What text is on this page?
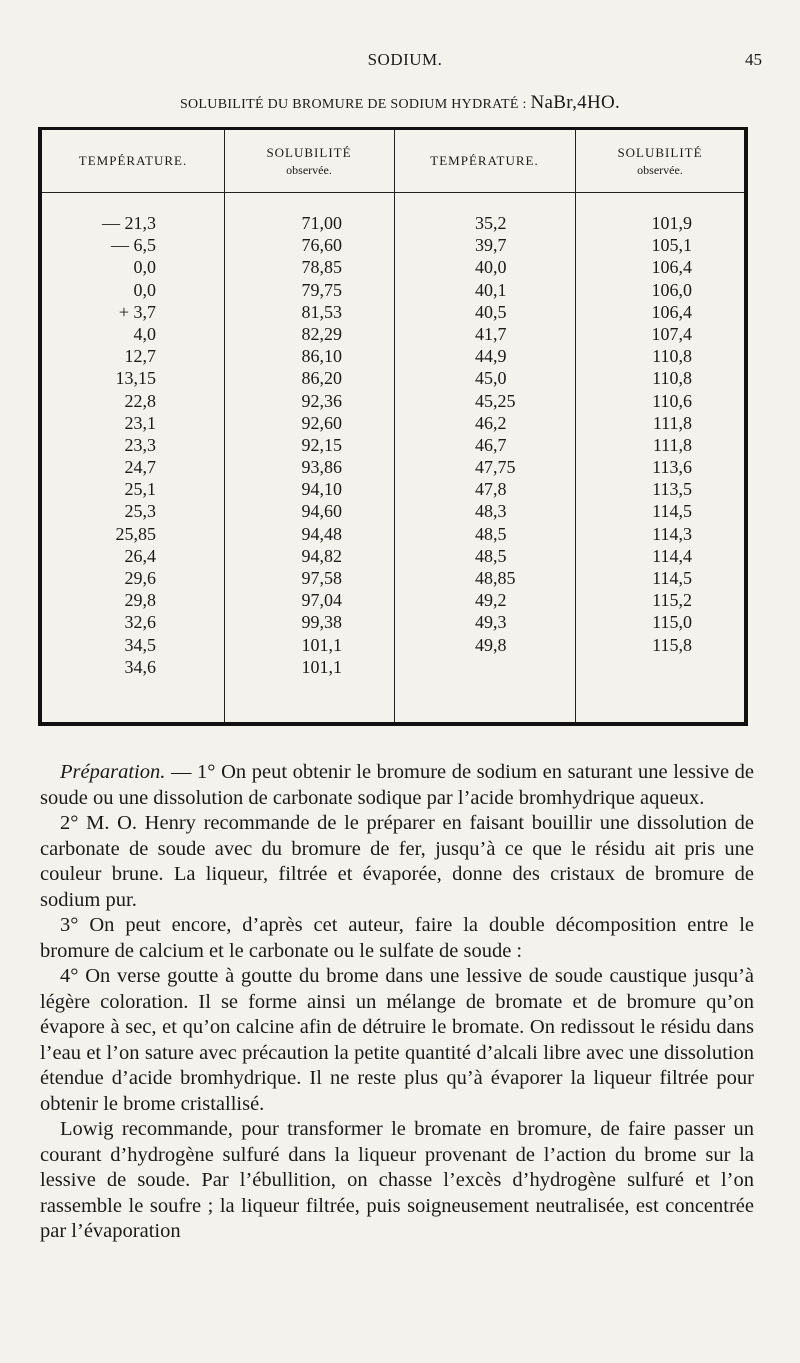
SODIUM.	45
SOLUBILITÉ DU BROMURE DE SODIUM HYDRATÉ : NaBr,4HO.
TEMPÉRATURE.
SOLUBILITÉ
observée.
TEMPÉRATURE.
SOLUBILITÉ
observée.
— 21,3
— 6,5
0,0
0,0
+ 3,7
4,0
12,7
13,15
22,8
23,1
23,3
24,7
25,1
25,3
25,85
26,4
29,6
29,8
32,6
34,5
34,6
71,00
76,60
78,85
79,75
81,53
82,29
86,10
86,20
92,36
92,60
92,15
93,86
94,10
94,60
94,48
94,82
97,58
97,04
99,38
101,1
101,1
35,2
39,7
40,0
40,1
40,5
41,7
44,9
45,0
45,25
46,2
46,7
47,75
47,8
48,3
48,5
48,5
48,85
49,2
49,3
49,8
101,9
105,1
106,4
106,0
106,4
107,4
110,8
110,8
110,6
111,8
111,8
113,6
113,5
114,5
114,3
114,4
114,5
115,2
115,0
115,8

Préparation. — 1° On peut obtenir le bromure de sodium en saturant une lessive de soude ou une dissolution de carbonate sodique par l’acide bromhydrique aqueux.

2° M. O. Henry recommande de le préparer en faisant bouillir une dissolution de carbonate de soude avec du bromure de fer, jusqu’à ce que le résidu ait pris une couleur brune. La liqueur, filtrée et évaporée, donne des cristaux de bromure de sodium pur.

3° On peut encore, d’après cet auteur, faire la double décomposition entre le bromure de calcium et le carbonate ou le sulfate de soude :

4° On verse goutte à goutte du brome dans une lessive de soude caustique jusqu’à légère coloration. Il se forme ainsi un mélange de bromate et de bromure qu’on évapore à sec, et qu’on calcine afin de détruire le bromate. On redissout le résidu dans l’eau et l’on sature avec précaution la petite quantité d’alcali libre avec une dissolution étendue d’acide bromhydrique. Il ne reste plus qu’à évaporer la liqueur filtrée pour obtenir le brome cristallisé.

Lowig recommande, pour transformer le bromate en bromure, de faire passer un courant d’hydrogène sulfuré dans la liqueur provenant de l’action du brome sur la lessive de soude. Par l’ébullition, on chasse l’excès d’hydrogène sulfuré et l’on rassemble le soufre ; la liqueur filtrée, puis soigneusement neutralisée, est concentrée par l’évaporation
